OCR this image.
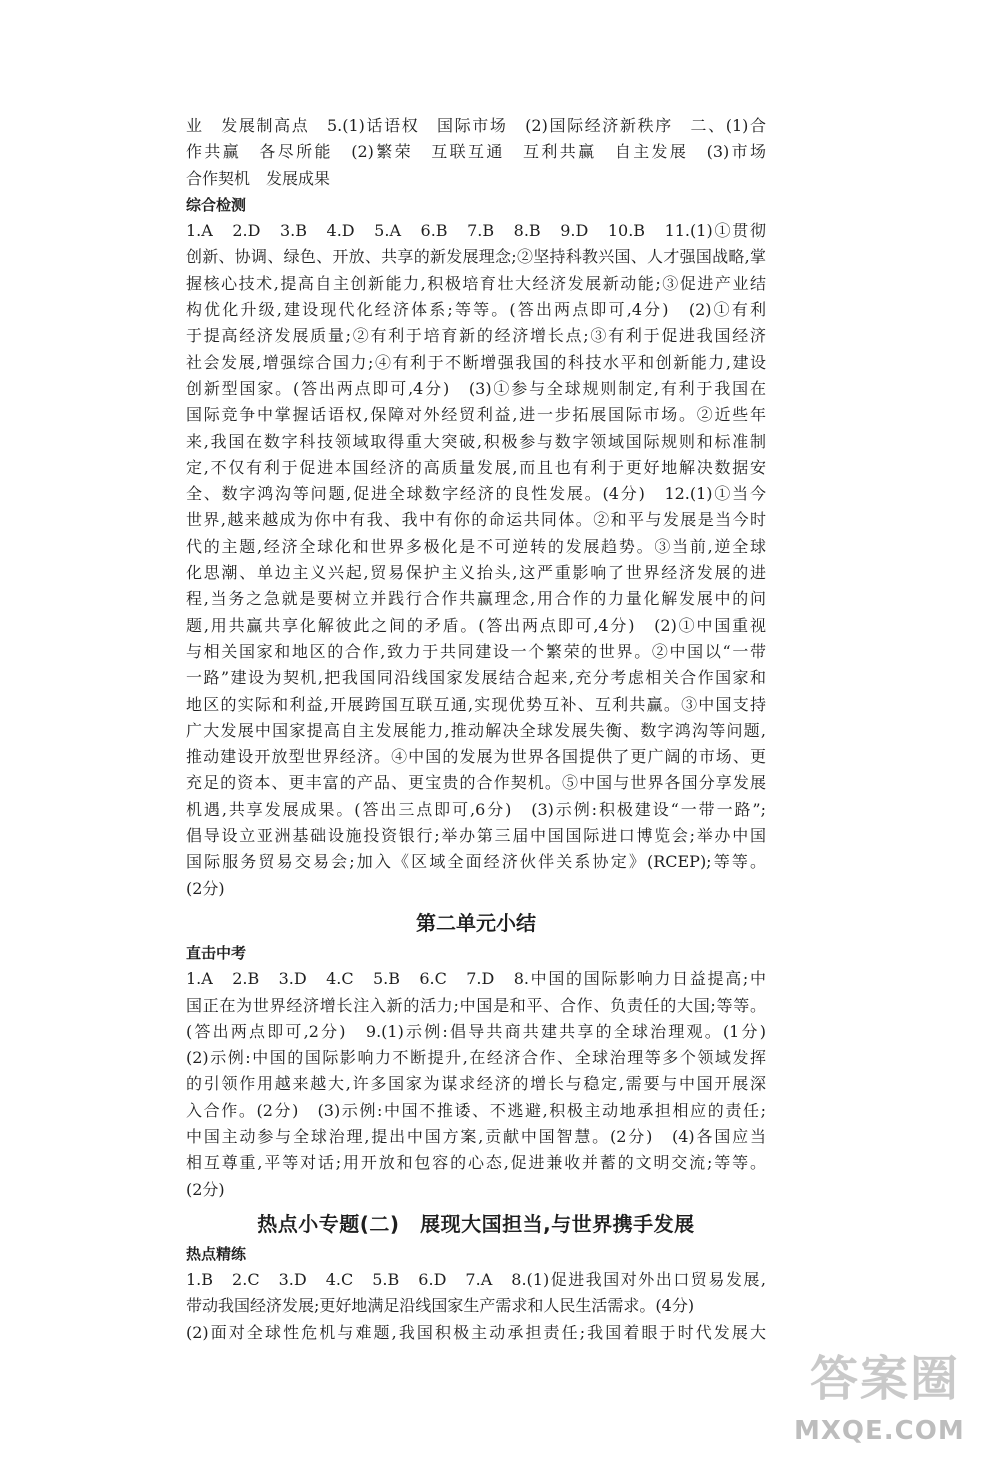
业　发展制高点　5.(1)话语权　国际市场　(2)国际经济新秩序　二、(1)合
作共赢　各尽所能　(2)繁荣　互联互通　互利共赢　自主发展　(3)市场
合作契机　发展成果
综合检测
1.A　2.D　3.B　4.D　5.A　6.B　7.B　8.B　9.D　10.B　11.(1)①贯彻
创新、协调、绿色、开放、共享的新发展理念;②坚持科教兴国、人才强国战略,掌
握核心技术,提高自主创新能力,积极培育壮大经济发展新动能;③促进产业结
构优化升级,建设现代化经济体系;等等。(答出两点即可,4分)　(2)①有利
于提高经济发展质量;②有利于培育新的经济增长点;③有利于促进我国经济
社会发展,增强综合国力;④有利于不断增强我国的科技水平和创新能力,建设
创新型国家。(答出两点即可,4分)　(3)①参与全球规则制定,有利于我国在
国际竞争中掌握话语权,保障对外经贸利益,进一步拓展国际市场。②近些年
来,我国在数字科技领域取得重大突破,积极参与数字领域国际规则和标准制
定,不仅有利于促进本国经济的高质量发展,而且也有利于更好地解决数据安
全、数字鸿沟等问题,促进全球数字经济的良性发展。(4分)　12.(1)①当今
世界,越来越成为你中有我、我中有你的命运共同体。②和平与发展是当今时
代的主题,经济全球化和世界多极化是不可逆转的发展趋势。③当前,逆全球
化思潮、单边主义兴起,贸易保护主义抬头,这严重影响了世界经济发展的进
程,当务之急就是要树立并践行合作共赢理念,用合作的力量化解发展中的问
题,用共赢共享化解彼此之间的矛盾。(答出两点即可,4分)　(2)①中国重视
与相关国家和地区的合作,致力于共同建设一个繁荣的世界。②中国以“一带
一路”建设为契机,把我国同沿线国家发展结合起来,充分考虑相关合作国家和
地区的实际和利益,开展跨国互联互通,实现优势互补、互利共赢。③中国支持
广大发展中国家提高自主发展能力,推动解决全球发展失衡、数字鸿沟等问题,
推动建设开放型世界经济。④中国的发展为世界各国提供了更广阔的市场、更
充足的资本、更丰富的产品、更宝贵的合作契机。⑤中国与世界各国分享发展
机遇,共享发展成果。(答出三点即可,6分)　(3)示例:积极建设“一带一路”;
倡导设立亚洲基础设施投资银行;举办第三届中国国际进口博览会;举办中国
国际服务贸易交易会;加入《区域全面经济伙伴关系协定》(RCEP);等等。
(2分)
第二单元小结
直击中考
1.A　2.B　3.D　4.C　5.B　6.C　7.D　8.中国的国际影响力日益提高;中
国正在为世界经济增长注入新的活力;中国是和平、合作、负责任的大国;等等。
(答出两点即可,2分)　9.(1)示例:倡导共商共建共享的全球治理观。(1分)
(2)示例:中国的国际影响力不断提升,在经济合作、全球治理等多个领域发挥
的引领作用越来越大,许多国家为谋求经济的增长与稳定,需要与中国开展深
入合作。(2分)　(3)示例:中国不推诿、不逃避,积极主动地承担相应的责任;
中国主动参与全球治理,提出中国方案,贡献中国智慧。(2分)　(4)各国应当
相互尊重,平等对话;用开放和包容的心态,促进兼收并蓄的文明交流;等等。
(2分)
热点小专题(二)　展现大国担当,与世界携手发展
热点精练
1.B　2.C　3.D　4.C　5.B　6.D　7.A　8.(1)促进我国对外出口贸易发展,
带动我国经济发展;更好地满足沿线国家生产需求和人民生活需求。(4分)
(2)面对全球性危机与难题,我国积极主动承担责任;我国着眼于时代发展大
答案圈
MXQE.COM
